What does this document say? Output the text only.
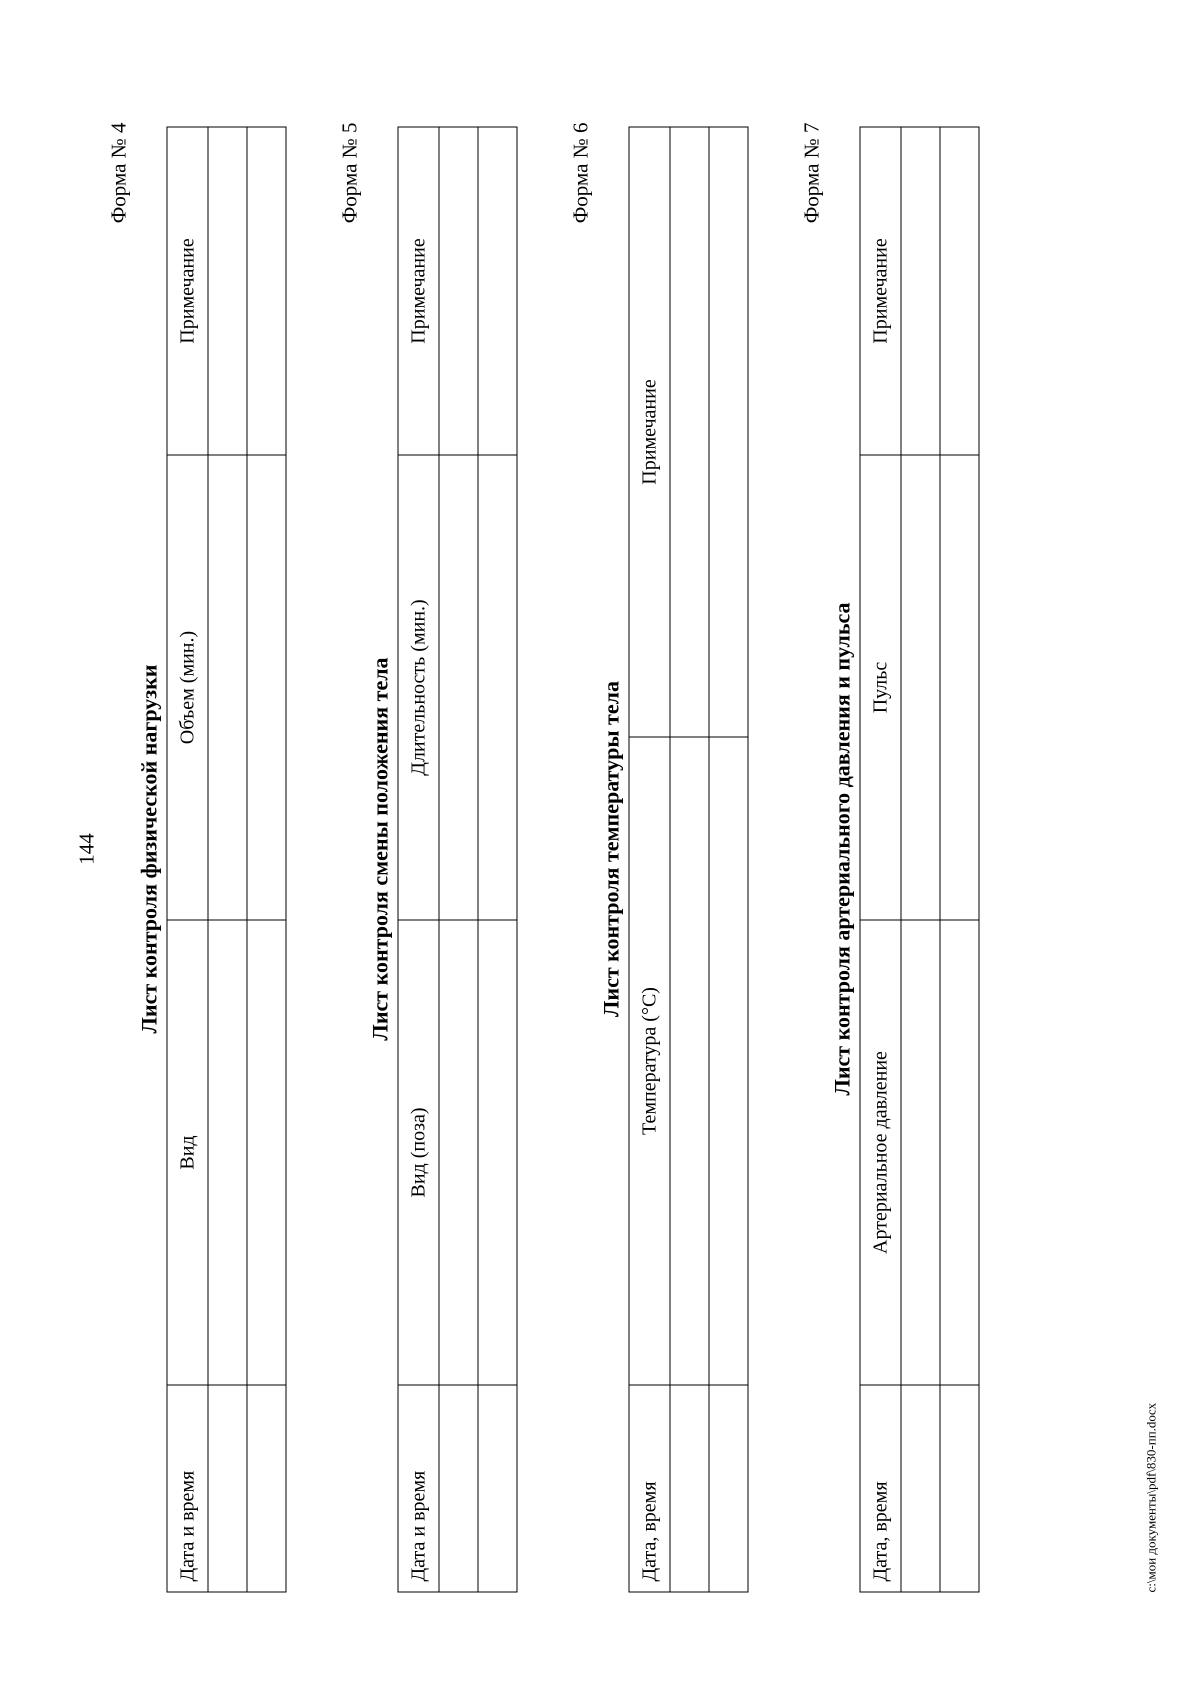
144
Форма № 4
Лист контроля физической нагрузки
Дата и время	Вид	Объем (мин.)	Примечание

Форма № 5
Лист контроля смены положения тела
Дата и время	Вид (поза)	Длительность (мин.)	Примечание

Форма № 6
Лист контроля температуры тела
Дата, время	Температура (°С)	Примечание

Форма № 7
Лист контроля артериального давления и пульса
Дата, время	Артериальное давление	Пульс	Примечание

c:\мои документы\pdf\830-пп.docx
